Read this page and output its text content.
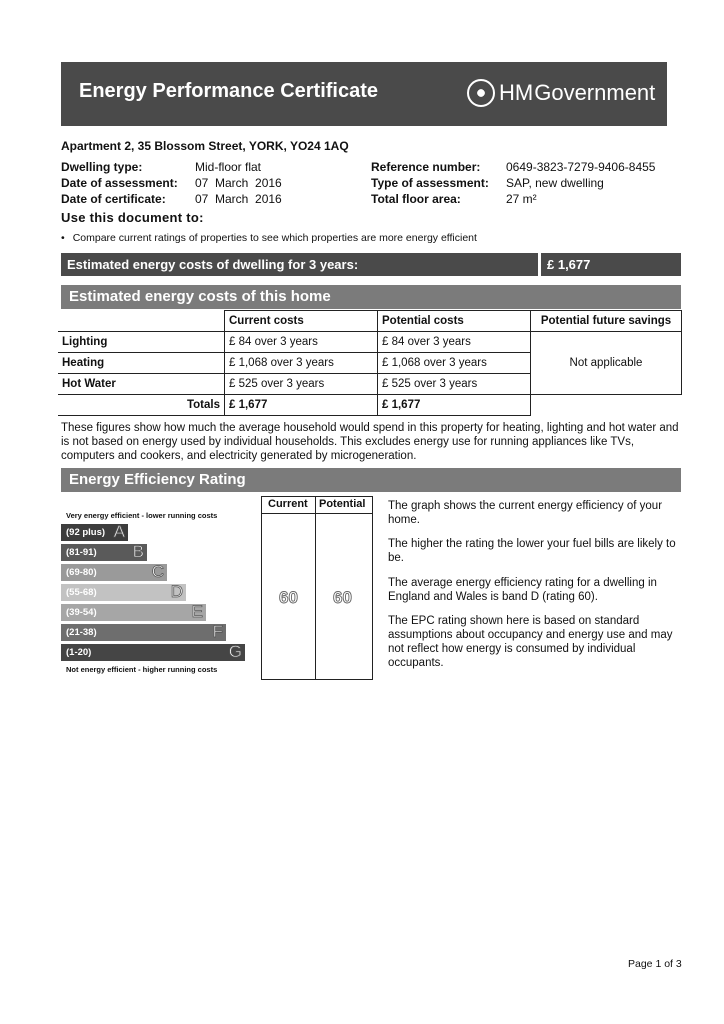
Energy Performance Certificate	HM Government
Apartment 2, 35 Blossom Street, YORK, YO24 1AQ
Dwelling type:	Mid-floor flat
Date of assessment: 07  March  2016
Date of certificate: 07  March  2016
Reference number: 0649-3823-7279-9406-8455
Type of assessment: SAP, new dwelling
Total floor area:	27 m²
Use this document to:
• Compare current ratings of properties to see which properties are more energy efficient
Estimated energy costs of dwelling for 3 years:	£ 1,677
Estimated energy costs of this home
	Current costs	Potential costs	Potential future savings
Lighting	£ 84 over 3 years	£ 84 over 3 years	Not applicable
Heating	£ 1,068 over 3 years	£ 1,068 over 3 years	
Hot Water	£ 525 over 3 years	£ 525 over 3 years	
Totals	£ 1,677	£ 1,677	
These figures show how much the average household would spend in this property for heating, lighting and hot water and is not based on energy used by individual households. This excludes energy use for running appliances like TVs, computers and cookers, and electricity generated by microgeneration.
Energy Efficiency Rating
Very energy efficient - lower running costs
(92 plus) A
(81-91) B
(69-80)	C
(55-68)	D
(39-54)	E
(21-38)	F
(1-20)	G
Not energy efficient - higher running costs
Current Potential
60 60
The graph shows the current energy efficiency of your home.
The higher the rating the lower your fuel bills are likely to be.
The average energy efficiency rating for a dwelling in England and Wales is band D (rating 60).
The EPC rating shown here is based on standard assumptions about occupancy and energy use and may not reflect how energy is consumed by individual occupants.
Page 1 of 3
